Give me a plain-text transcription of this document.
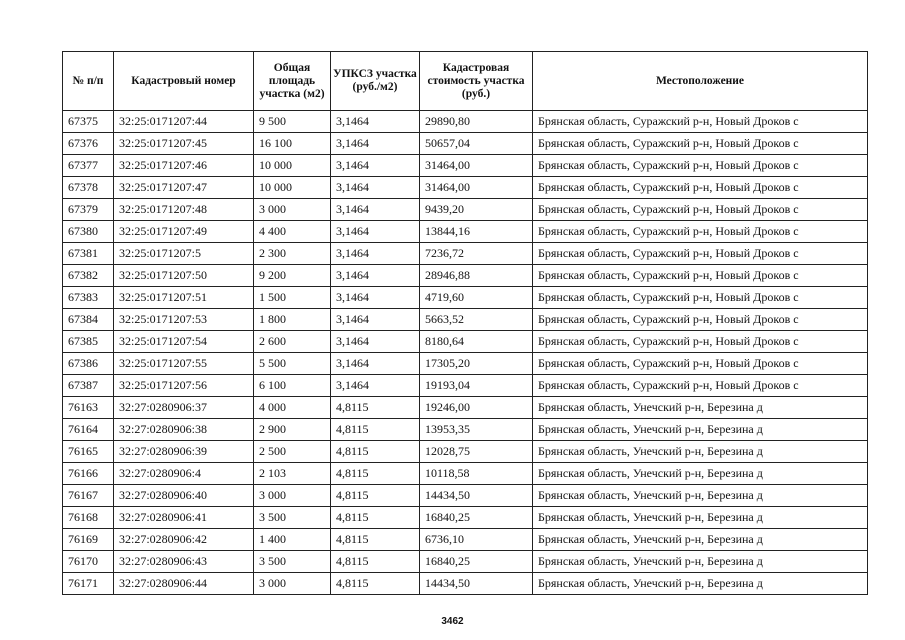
№ п/п	Кадастровый номер	Общая площадь участка (м2)	УПКСЗ участка (руб./м2)	Кадастровая стоимость участка (руб.)	Местоположение
67375	32:25:0171207:44	9 500	3,1464	29890,80	Брянская область, Суражский р-н, Новый Дроков с
67376	32:25:0171207:45	16 100	3,1464	50657,04	Брянская область, Суражский р-н, Новый Дроков с
67377	32:25:0171207:46	10 000	3,1464	31464,00	Брянская область, Суражский р-н, Новый Дроков с
67378	32:25:0171207:47	10 000	3,1464	31464,00	Брянская область, Суражский р-н, Новый Дроков с
67379	32:25:0171207:48	3 000	3,1464	9439,20	Брянская область, Суражский р-н, Новый Дроков с
67380	32:25:0171207:49	4 400	3,1464	13844,16	Брянская область, Суражский р-н, Новый Дроков с
67381	32:25:0171207:5	2 300	3,1464	7236,72	Брянская область, Суражский р-н, Новый Дроков с
67382	32:25:0171207:50	9 200	3,1464	28946,88	Брянская область, Суражский р-н, Новый Дроков с
67383	32:25:0171207:51	1 500	3,1464	4719,60	Брянская область, Суражский р-н, Новый Дроков с
67384	32:25:0171207:53	1 800	3,1464	5663,52	Брянская область, Суражский р-н, Новый Дроков с
67385	32:25:0171207:54	2 600	3,1464	8180,64	Брянская область, Суражский р-н, Новый Дроков с
67386	32:25:0171207:55	5 500	3,1464	17305,20	Брянская область, Суражский р-н, Новый Дроков с
67387	32:25:0171207:56	6 100	3,1464	19193,04	Брянская область, Суражский р-н, Новый Дроков с
76163	32:27:0280906:37	4 000	4,8115	19246,00	Брянская область, Унечский р-н, Березина д
76164	32:27:0280906:38	2 900	4,8115	13953,35	Брянская область, Унечский р-н, Березина д
76165	32:27:0280906:39	2 500	4,8115	12028,75	Брянская область, Унечский р-н, Березина д
76166	32:27:0280906:4	2 103	4,8115	10118,58	Брянская область, Унечский р-н, Березина д
76167	32:27:0280906:40	3 000	4,8115	14434,50	Брянская область, Унечский р-н, Березина д
76168	32:27:0280906:41	3 500	4,8115	16840,25	Брянская область, Унечский р-н, Березина д
76169	32:27:0280906:42	1 400	4,8115	6736,10	Брянская область, Унечский р-н, Березина д
76170	32:27:0280906:43	3 500	4,8115	16840,25	Брянская область, Унечский р-н, Березина д
76171	32:27:0280906:44	3 000	4,8115	14434,50	Брянская область, Унечский р-н, Березина д
3462
